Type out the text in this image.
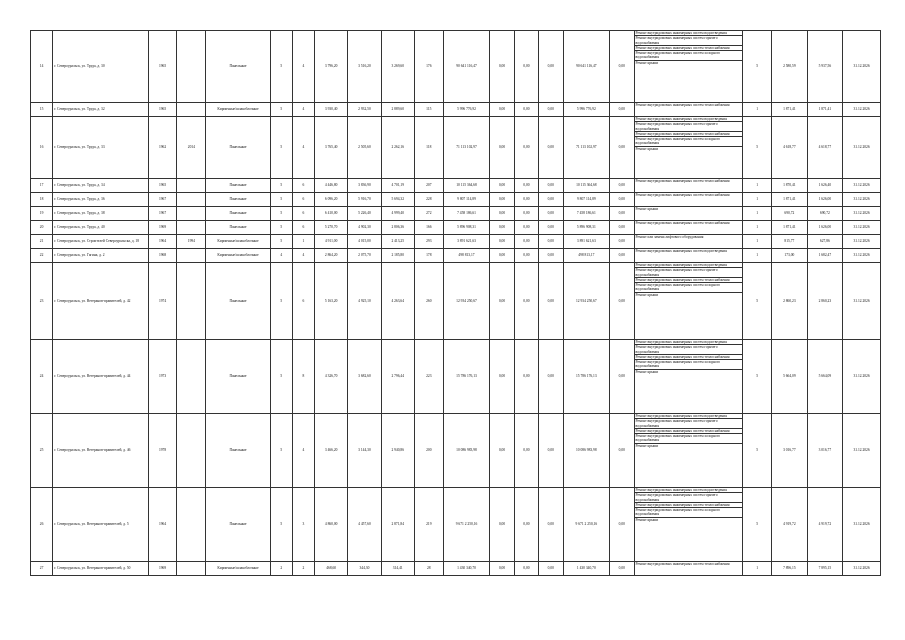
14	г. Североуральск, ул. Труда, д. 30	1965		Панельные	5	4	3 796,20	3 516,20	3 269,60	176	90 641 116,47	0,00	0,00	0,00	90 641 116,47	0,00	Ремонт внутридомовых инженерных систем водоотведения
Ремонт внутридомовых инженерных систем горячего водоснабжения
Ремонт внутридомовых инженерных систем теплоснабжения
Ремонт внутридомовых инженерных систем холодного водоснабжения
Ремонт крыши	5	2 580,59	5 937,56	31.12.2026
15	г. Североуральск, ул. Труда, д. 32	1965		Кирпичные/шлакоблочные	5	4	3 930,40	2 932,50	2 889,60	115	5 996 776,92	0,00	0,00	0,00	5 996 776,92	0,00	Ремонт внутридомовых инженерных систем теплоснабжения	1	1 871,41	1 871,41	31.12.2026
16	г. Североуральск, ул. Труда, д. 33	1962	2014	Панельные	5	4	3 765,40	2 505,60	2 262,16	118	71 113 102,97	0,00	0,00	0,00	71 113 102,97	0,00	Ремонт внутридомовых инженерных систем водоотведения
Ремонт внутридомовых инженерных систем горячего водоснабжения
Ремонт внутридомовых инженерных систем теплоснабжения
Ремонт внутридомовых инженерных систем холодного водоснабжения
Ремонт крыши	5	4 618,77	4 618,77	31.12.2026
17	г. Североуральск, ул. Труда, д. 34	1965		Панельные	5	6	4 446,80	3 836,90	4 701,19	207	10 115 364,68	0,00	0,00	0,00	10 115 364,68	0,00	Ремонт внутридомовых инженерных систем теплоснабжения	1	1 870,41	1 626,40	31.12.2026
18	г. Североуральск, ул. Труда, д. 36	1967		Панельные	5	6	6 096,20	5 916,70	5 694,32	228	9 807 114,89	0,00	0,00	0,00	9 807 114,89	0,00	Ремонт внутридомовых инженерных систем теплоснабжения	1	1 871,41	1 626,00	31.12.2026
19	г. Североуральск, ул. Труда, д. 38	1967		Панельные	5	6	6 410,00	5 226,40	4 999,40	272	7 458 186,61	0,00	0,00	0,00	7 458 186,61	0,00	Ремонт крыши	1	690,72	690,72	31.12.2026
20	г. Североуральск, ул. Труда, д. 40	1969		Панельные	5	6	5 270,70	4 902,30	2 806,36	166	5 896 908,31	0,00	0,00	0,00	5 896 908,31	0,00	Ремонт внутридомовых инженерных систем теплоснабжения	1	1 871,41	1 626,00	31.12.2026
21	г. Североуральск, ул. Строителей Североуральска, д. 18	1964	1994	Кирпичные/шлакоблочные	5	1	4 911,00	4 015,00	2 413,25	293	3 891 621,63	0,00	0,00	0,00	3 891 621,63	0,00	Ремонт или замена лифтового оборудования	1	815,77	627,86	31.12.2026
22	г. Североуральск, ул. Гагина, д. 2	1968		Кирпичные/шлакоблочные	4	4	2 864,20	2 075,70	2 185,80	178	498 813,17	0,00	0,00	0,00	498 813,17	0,00	Ремонт внутридомовых инженерных систем водоотведения	1	173,00	1 682,47	31.12.2026
23	г. Североуральск, ул. Ветеранов-правителей, д. 42	1974		Панельные	5	6	5 163,20	4 925,10	4 263,64	260	12 934 250,67	0,00	0,00	0,00	12 934 250,67	0,00	Ремонт внутридомовых инженерных систем водоотведения
Ремонт внутридомовых инженерных систем горячего водоснабжения
Ремонт внутридомовых инженерных систем теплоснабжения
Ремонт внутридомовых инженерных систем холодного водоснабжения
Ремонт крыши	5	2 860,23	2 860,23	31.12.2026
24	г. Североуральск, ул. Ветеранов-правителей, д. 44	1973		Панельные	5	8	4 326,70	3 682,60	2 796,44	223	15 786 176,13	0,00	0,00	0,00	15 786 176,13	0,00	Ремонт внутридомовых инженерных систем водоотведения
Ремонт внутридомовых инженерных систем горячего водоснабжения
Ремонт внутридомовых инженерных систем теплоснабжения
Ремонт внутридомовых инженерных систем холодного водоснабжения
Ремонт крыши	5	5 664,09	5 664,09	31.12.2026
25	г. Североуральск, ул. Ветеранов-правителей, д. 46	1978		Панельные	5	4	3 466,20	3 144,30	2 940,86	200	10 086 983,98	0,00	0,00	0,00	10 086 983,98	0,00	Ремонт внутридомовых инженерных систем водоотведения
Ремонт внутридомовых инженерных систем горячего водоснабжения
Ремонт внутридомовых инженерных систем теплоснабжения
Ремонт внутридомовых инженерных систем холодного водоснабжения
Ремонт крыши	5	3 016,77	3 016,77	31.12.2026
26	г. Североуральск, ул. Ветеранов-правителей, д. 5	1964		Панельные	5	3	4 860,00	4 457,60	2 871,84	219	9 671 2 250,16	0,00	0,00	0,00	9 671 2 250,16	0,00	Ремонт внутридомовых инженерных систем водоотведения
Ремонт внутридомовых инженерных систем горячего водоснабжения
Ремонт внутридомовых инженерных систем теплоснабжения
Ремонт внутридомовых инженерных систем холодного водоснабжения
Ремонт крыши	5	4 919,72	4 919,72	31.12.2026
27	г. Североуральск, ул. Ветеранов-правителей, д. 50	1969		Кирпичные/шлакоблочные	2	2	468,60	344,30	314,41	28	1 430 340,70	0,00	0,00	0,00	1 430 340,70	0,00	Ремонт внутридомовых инженерных систем теплоснабжения	1	7 896,15	7 895,15	31.12.2026
